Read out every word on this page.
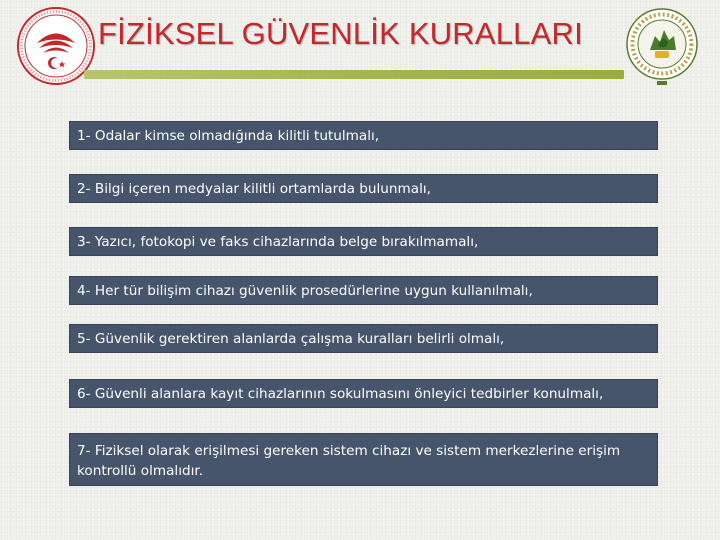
FİZİKSEL GÜVENLİK KURALLARI
1- Odalar kimse olmadığında kilitli tutulmalı,
2- Bilgi içeren medyalar kilitli ortamlarda bulunmalı,
3- Yazıcı, fotokopi ve faks cihazlarında belge bırakılmamalı,
4- Her tür bilişim cihazı güvenlik prosedürlerine uygun kullanılmalı,
5- Güvenlik gerektiren alanlarda çalışma kuralları belirli olmalı,
6- Güvenli alanlara kayıt cihazlarının sokulmasını önleyici tedbirler konulmalı,
7- Fiziksel olarak erişilmesi gereken sistem cihazı ve sistem merkezlerine erişim kontrollü olmalıdır.
